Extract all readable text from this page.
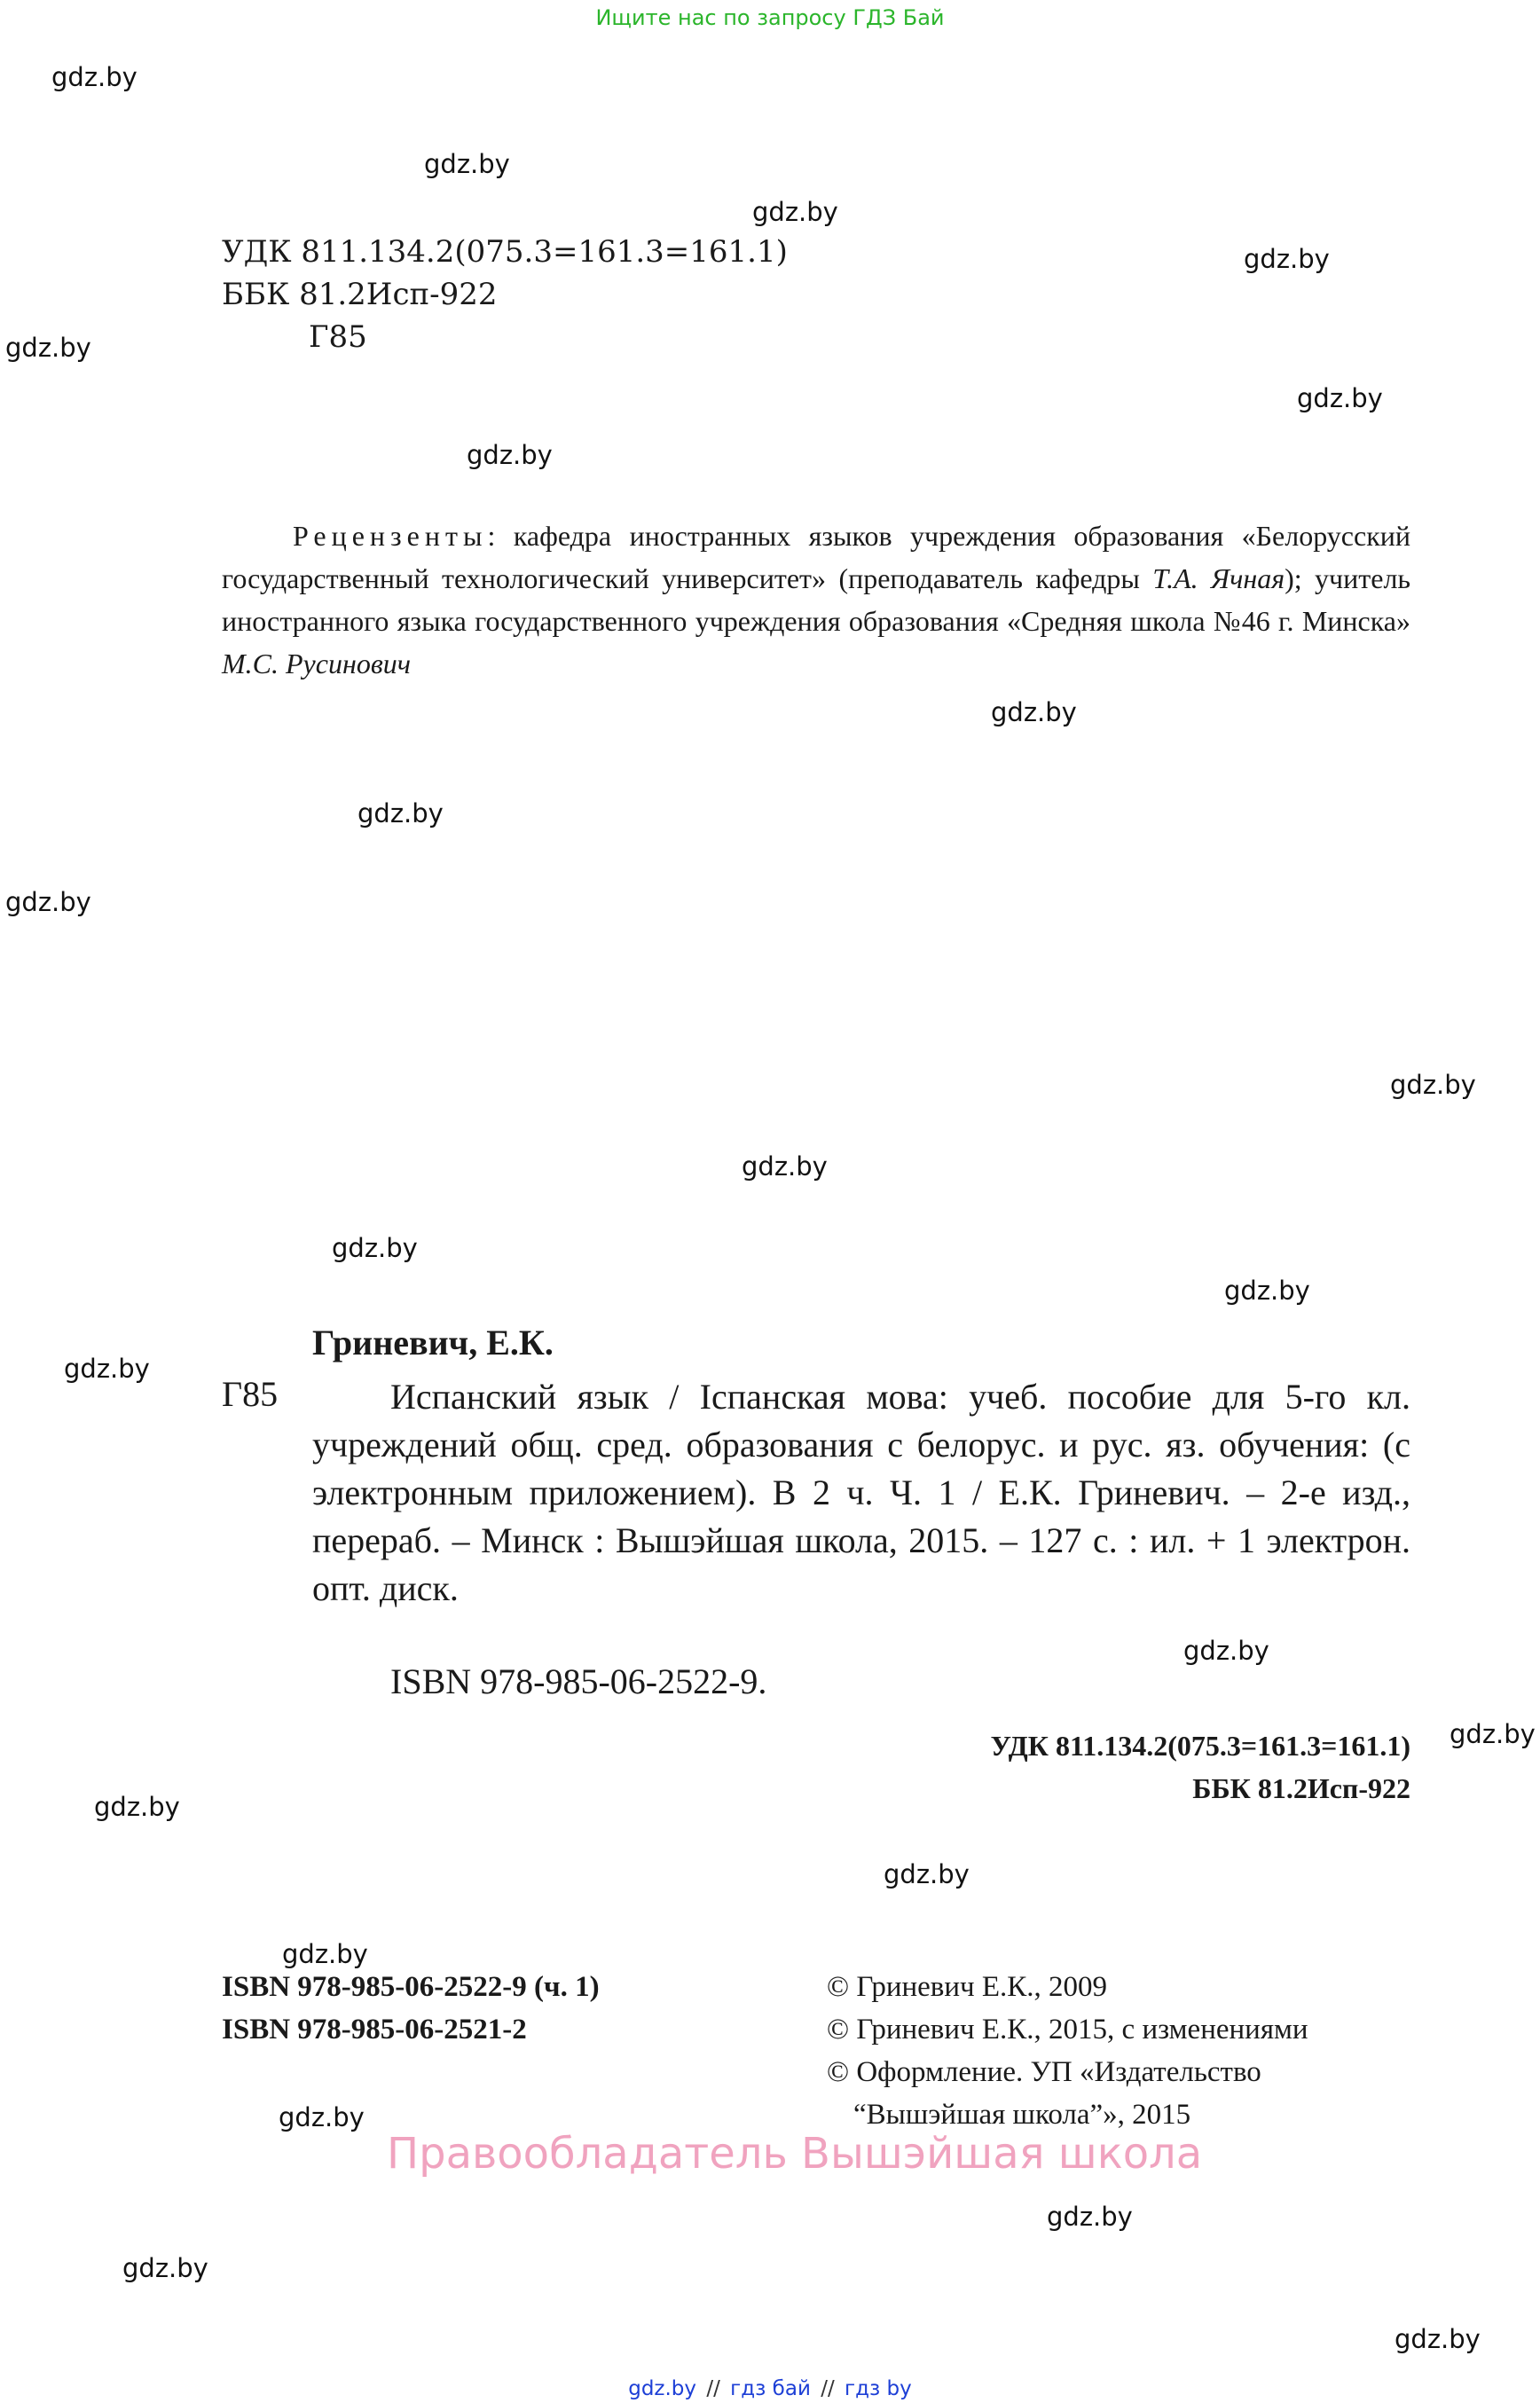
Ищите нас по запросу ГДЗ Бай
gdz.by
gdz.by
gdz.by
gdz.by
gdz.by
gdz.by
gdz.by
gdz.by
gdz.by
gdz.by
gdz.by
gdz.by
gdz.by
gdz.by
gdz.by
gdz.by
gdz.by
gdz.by
gdz.by
gdz.by
gdz.by
gdz.by
gdz.by
gdz.by
УДК 811.134.2(075.3=161.3=161.1)
ББК 81.2Исп-922
Г85

Рецензенты: кафедра иностранных языков учреждения образования «Белорусский государственный технологический университет» (преподаватель кафедры Т.А. Ячная); учитель иностранного языка государственного учреждения образования «Средняя школа №46 г. Минска» М.С. Русинович

Гриневич, Е.К.
Г85	Испанский язык / Іспанская мова: учеб. пособие для 5-го кл. учреждений общ. сред. образования с белорус. и рус. яз. обучения: (с электронным приложением). В 2 ч. Ч. 1 / Е.К. Гриневич. – 2-е изд., перераб. – Минск : Вышэйшая школа, 2015. – 127 с. : ил. + 1 электрон. опт. диск.

ISBN 978-985-06-2522-9.
УДК 811.134.2(075.3=161.3=161.1)
ББК 81.2Исп-922
ISBN 978-985-06-2522-9 (ч. 1)
ISBN 978-985-06-2521-2
© Гриневич Е.К., 2009
© Гриневич Е.К., 2015, с изменениями
© Оформление. УП «Издательство
“Вышэйшая школа”», 2015
Правообладатель Вышэйшая школа
gdz.by // гдз бай // гдз by
